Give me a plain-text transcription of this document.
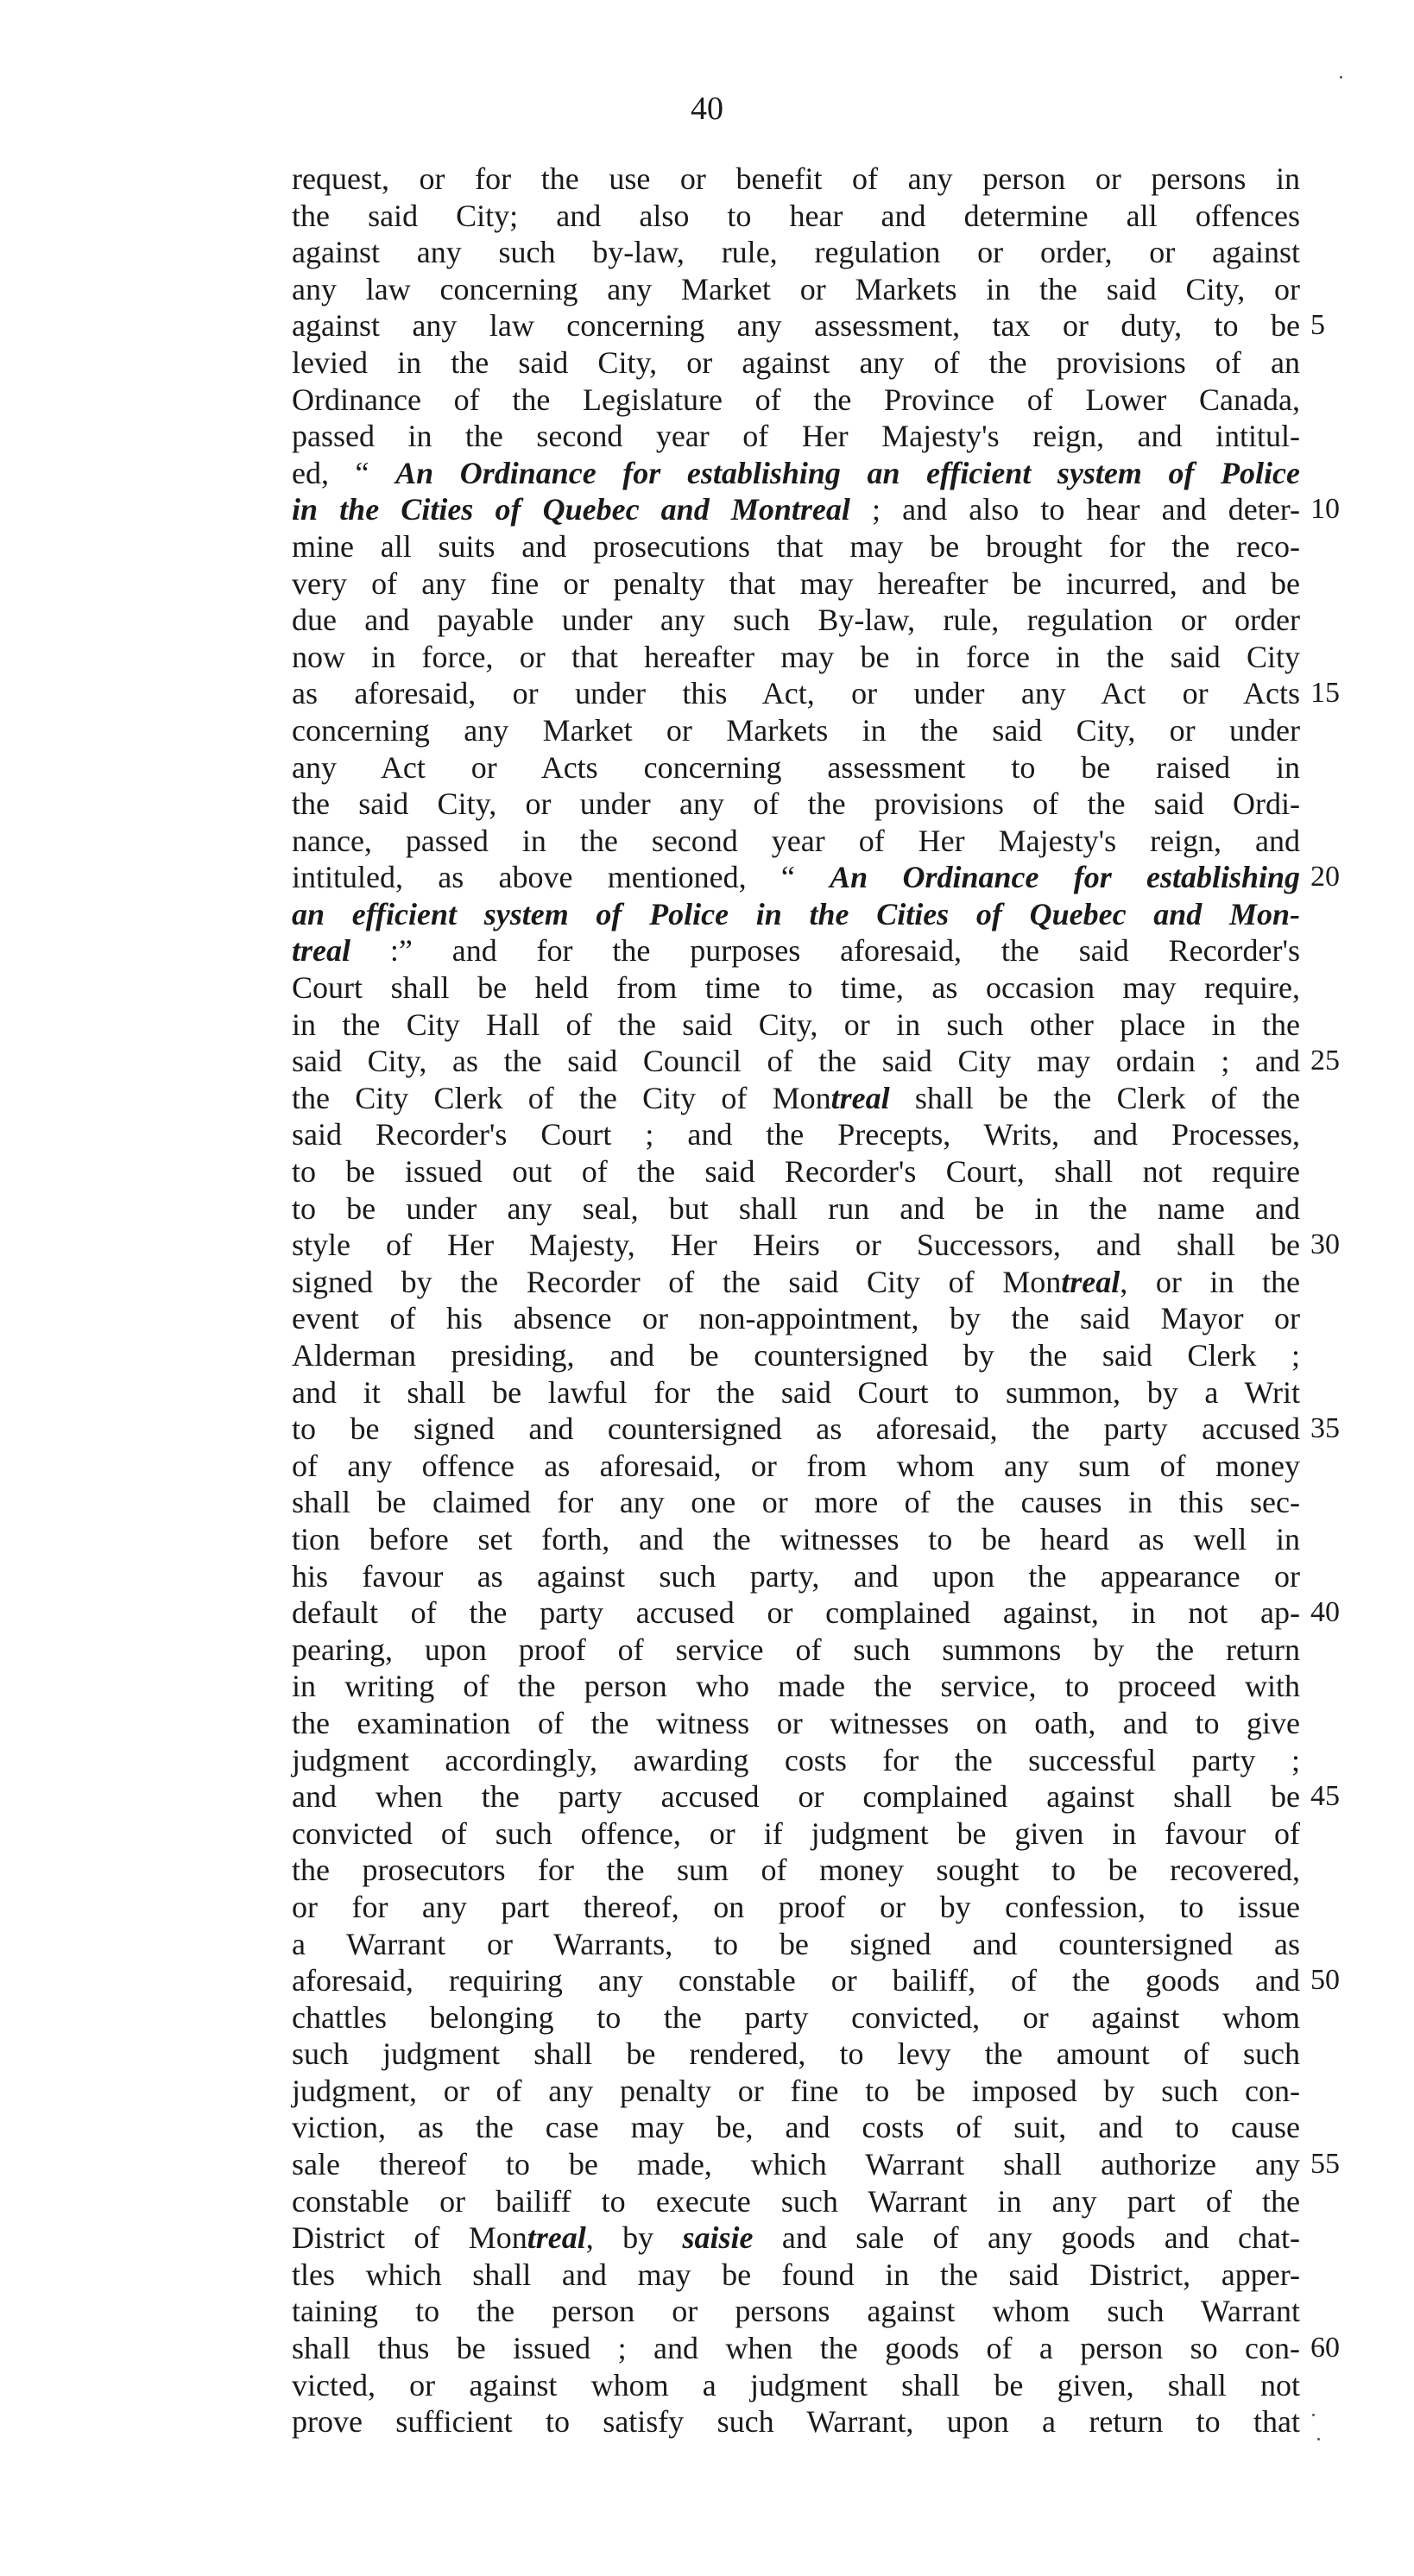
40
request, or for the use or benefit of any person or persons in
the said City; and also to hear and determine all offences
against any such by-law, rule, regulation or order, or against
any law concerning any Market or Markets in the said City, or
against any law concerning any assessment, tax or duty, to be 5
levied in the said City, or against any of the provisions of an
Ordinance of the Legislature of the Province of Lower Canada,
passed in the second year of Her Majesty's reign, and intitul-
ed, “ An Ordinance for establishing an efficient system of Police
in the Cities of Quebec and Montreal ; and also to hear and deter- 10
mine all suits and prosecutions that may be brought for the reco-
very of any fine or penalty that may hereafter be incurred, and be
due and payable under any such By-law, rule, regulation or order
now in force, or that hereafter may be in force in the said City
as aforesaid, or under this Act, or under any Act or Acts 15
concerning any Market or Markets in the said City, or under
any Act or Acts concerning assessment to be raised in
the said City, or under any of the provisions of the said Ordi-
nance, passed in the second year of Her Majesty's reign, and
intituled, as above mentioned, “ An Ordinance for establishing 20
an efficient system of Police in the Cities of Quebec and Mon-
treal :” and for the purposes aforesaid, the said Recorder's
Court shall be held from time to time, as occasion may require,
in the City Hall of the said City, or in such other place in the
said City, as the said Council of the said City may ordain ; and 25
the City Clerk of the City of Montreal shall be the Clerk of the
said Recorder's Court ; and the Precepts, Writs, and Processes,
to be issued out of the said Recorder's Court, shall not require
to be under any seal, but shall run and be in the name and
style of Her Majesty, Her Heirs or Successors, and shall be 30
signed by the Recorder of the said City of Montreal, or in the
event of his absence or non-appointment, by the said Mayor or
Alderman presiding, and be countersigned by the said Clerk ;
and it shall be lawful for the said Court to summon, by a Writ
to be signed and countersigned as aforesaid, the party accused 35
of any offence as aforesaid, or from whom any sum of money
shall be claimed for any one or more of the causes in this sec-
tion before set forth, and the witnesses to be heard as well in
his favour as against such party, and upon the appearance or
default of the party accused or complained against, in not ap- 40
pearing, upon proof of service of such summons by the return
in writing of the person who made the service, to proceed with
the examination of the witness or witnesses on oath, and to give
judgment accordingly, awarding costs for the successful party ;
and when the party accused or complained against shall be 45
convicted of such offence, or if judgment be given in favour of
the prosecutors for the sum of money sought to be recovered,
or for any part thereof, on proof or by confession, to issue
a Warrant or Warrants, to be signed and countersigned as
aforesaid, requiring any constable or bailiff, of the goods and 50
chattles belonging to the party convicted, or against whom
such judgment shall be rendered, to levy the amount of such
judgment, or of any penalty or fine to be imposed by such con-
viction, as the case may be, and costs of suit, and to cause
sale thereof to be made, which Warrant shall authorize any 55
constable or bailiff to execute such Warrant in any part of the
District of Montreal, by saisie and sale of any goods and chat-
tles which shall and may be found in the said District, apper-
taining to the person or persons against whom such Warrant
shall thus be issued ; and when the goods of a person so con- 60
victed, or against whom a judgment shall be given, shall not
prove sufficient to satisfy such Warrant, upon a return to that
